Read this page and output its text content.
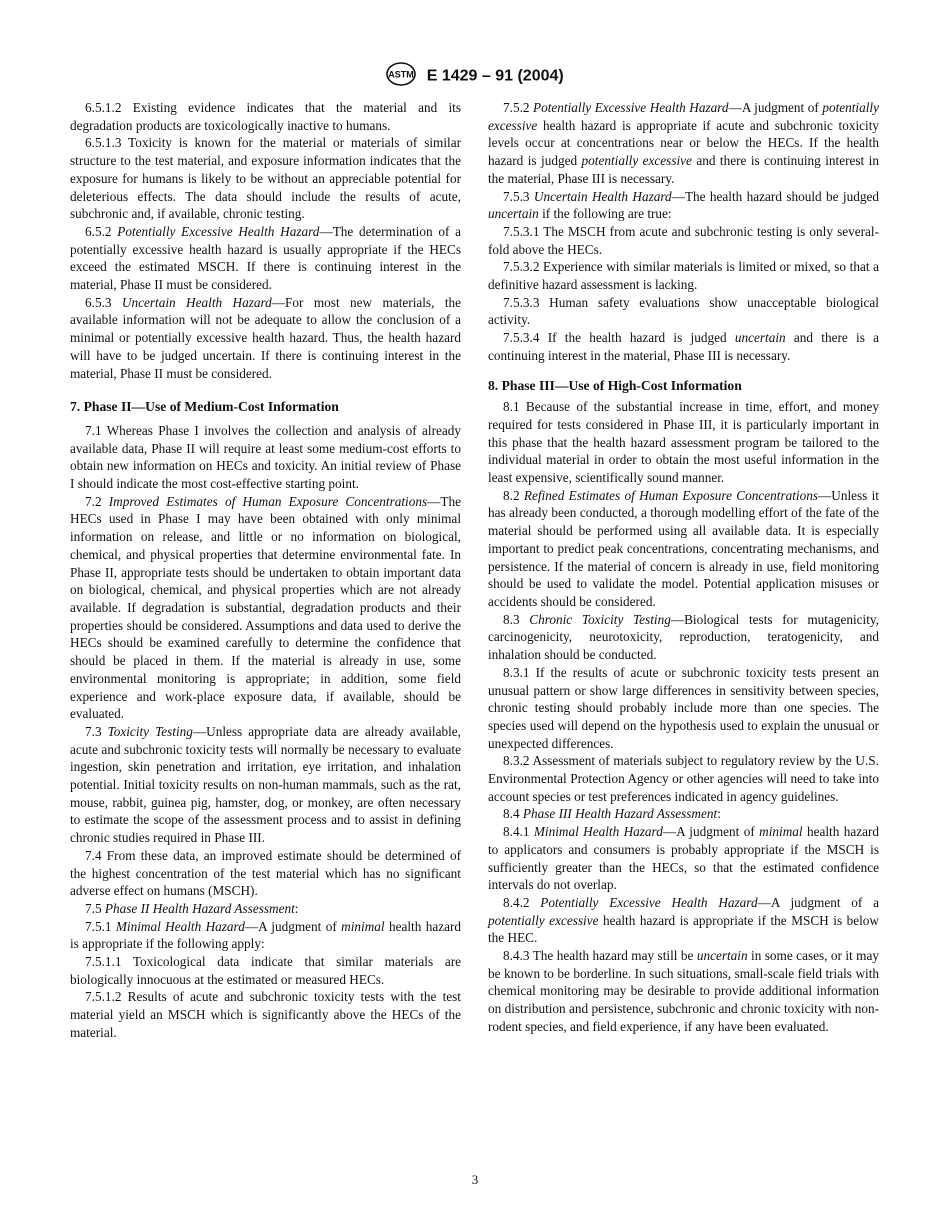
ASTM E 1429 – 91 (2004)

6.5.1.2 Existing evidence indicates that the material and its degradation products are toxicologically inactive to humans.

6.5.1.3 Toxicity is known for the material or materials of similar structure to the test material, and exposure information indicates that the exposure for humans is likely to be without an appreciable potential for deleterious effects. The data should include the results of acute, subchronic and, if available, chronic testing.

6.5.2 Potentially Excessive Health Hazard—The determination of a potentially excessive health hazard is usually appropriate if the HECs exceed the estimated MSCH. If there is continuing interest in the material, Phase II must be considered.

6.5.3 Uncertain Health Hazard—For most new materials, the available information will not be adequate to allow the conclusion of a minimal or potentially excessive health hazard. Thus, the health hazard will have to be judged uncertain. If there is continuing interest in the material, Phase II must be considered.

7. Phase II—Use of Medium-Cost Information

7.1 Whereas Phase I involves the collection and analysis of already available data, Phase II will require at least some medium-cost efforts to obtain new information on HECs and toxicity. An initial review of Phase I should indicate the most cost-effective starting point.

7.2 Improved Estimates of Human Exposure Concentrations—The HECs used in Phase I may have been obtained with only minimal information on release, and little or no information on biological, chemical, and physical properties that determine environmental fate. In Phase II, appropriate tests should be undertaken to obtain important data on biological, chemical, and physical properties which are not already available. If degradation is substantial, degradation products and their properties should be considered. Assumptions and data used to derive the HECs should be examined carefully to determine the confidence that should be placed in them. If the material is already in use, some environmental monitoring is appropriate; in addition, some field experience and work-place exposure data, if available, should be evaluated.

7.3 Toxicity Testing—Unless appropriate data are already available, acute and subchronic toxicity tests will normally be necessary to evaluate ingestion, skin penetration and irritation, eye irritation, and inhalation potential. Initial toxicity results on non-human mammals, such as the rat, mouse, rabbit, guinea pig, hamster, dog, or monkey, are often necessary to estimate the scope of the assessment process and to assist in defining chronic studies required in Phase III.

7.4 From these data, an improved estimate should be determined of the highest concentration of the test material which has no significant adverse effect on humans (MSCH).

7.5 Phase II Health Hazard Assessment:

7.5.1 Minimal Health Hazard—A judgment of minimal health hazard is appropriate if the following apply:

7.5.1.1 Toxicological data indicate that similar materials are biologically innocuous at the estimated or measured HECs.

7.5.1.2 Results of acute and subchronic toxicity tests with the test material yield an MSCH which is significantly above the HECs of the material.

7.5.2 Potentially Excessive Health Hazard—A judgment of potentially excessive health hazard is appropriate if acute and subchronic toxicity levels occur at concentrations near or below the HECs. If the health hazard is judged potentially excessive and there is continuing interest in the material, Phase III is necessary.

7.5.3 Uncertain Health Hazard—The health hazard should be judged uncertain if the following are true:

7.5.3.1 The MSCH from acute and subchronic testing is only several-fold above the HECs.

7.5.3.2 Experience with similar materials is limited or mixed, so that a definitive hazard assessment is lacking.

7.5.3.3 Human safety evaluations show unacceptable biological activity.

7.5.3.4 If the health hazard is judged uncertain and there is a continuing interest in the material, Phase III is necessary.

8. Phase III—Use of High-Cost Information

8.1 Because of the substantial increase in time, effort, and money required for tests considered in Phase III, it is particularly important in this phase that the health hazard assessment program be tailored to the individual material in order to obtain the most useful information in the least expensive, scientifically sound manner.

8.2 Refined Estimates of Human Exposure Concentrations—Unless it has already been conducted, a thorough modelling effort of the fate of the material should be performed using all available data. It is especially important to predict peak concentrations, concentrating mechanisms, and persistence. If the material of concern is already in use, field monitoring should be used to validate the model. Potential application misuses or accidents should be considered.

8.3 Chronic Toxicity Testing—Biological tests for mutagenicity, carcinogenicity, neurotoxicity, reproduction, teratogenicity, and inhalation should be conducted.

8.3.1 If the results of acute or subchronic toxicity tests present an unusual pattern or show large differences in sensitivity between species, chronic testing should probably include more than one species. The species used will depend on the hypothesis used to explain the unusual or unexpected differences.

8.3.2 Assessment of materials subject to regulatory review by the U.S. Environmental Protection Agency or other agencies will need to take into account species or test preferences indicated in agency guidelines.

8.4 Phase III Health Hazard Assessment:

8.4.1 Minimal Health Hazard—A judgment of minimal health hazard to applicators and consumers is probably appropriate if the MSCH is sufficiently greater than the HECs, so that the estimated confidence intervals do not overlap.

8.4.2 Potentially Excessive Health Hazard—A judgment of a potentially excessive health hazard is appropriate if the MSCH is below the HEC.

8.4.3 The health hazard may still be uncertain in some cases, or it may be known to be borderline. In such situations, small-scale field trials with chemical monitoring may be desirable to provide additional information on distribution and persistence, subchronic and chronic toxicity with non-rodent species, and field experience, if any have been evaluated.

3
